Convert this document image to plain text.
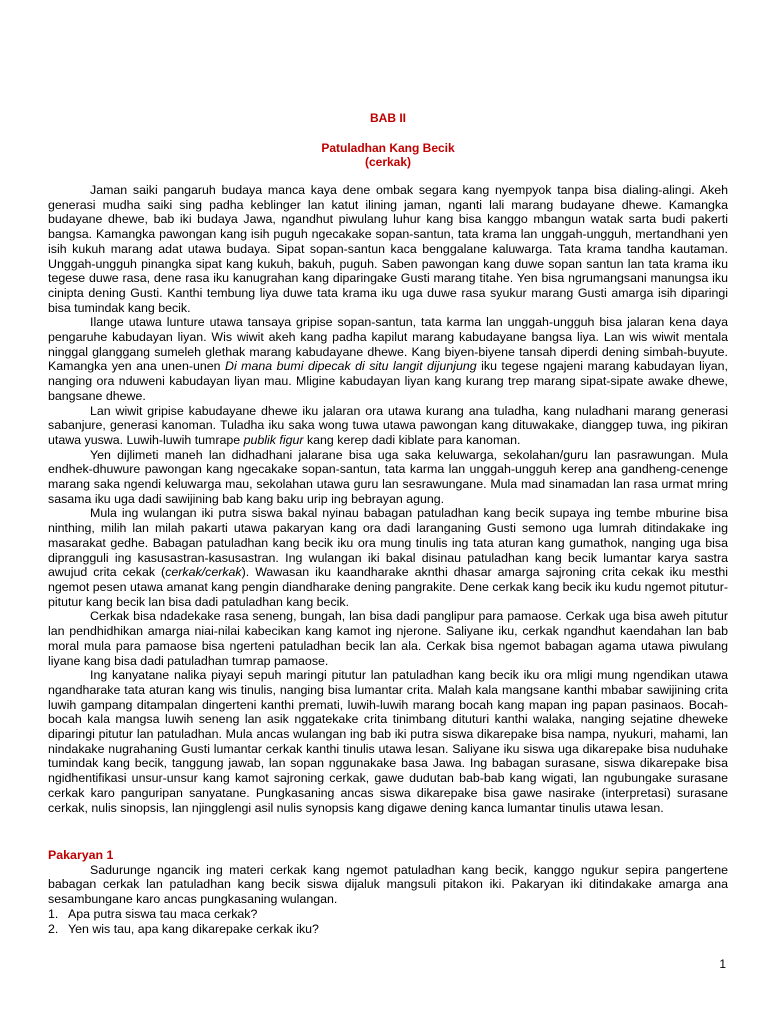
BAB II
Patuladhan Kang Becik
(cerkak)

Jaman saiki pangaruh budaya manca kaya dene ombak segara kang nyempyok tanpa bisa dialing-alingi. Akeh generasi mudha saiki sing padha keblinger lan katut ilining jaman, nganti lali marang budayane dhewe. Kamangka budayane dhewe, bab iki budaya Jawa, ngandhut piwulang luhur kang bisa kanggo mbangun watak sarta budi pakerti bangsa. Kamangka pawongan kang isih puguh ngecakake sopan-santun, tata krama lan unggah-ungguh, mertandhani yen isih kukuh marang adat utawa budaya. Sipat sopan-santun kaca benggalane kaluwarga. Tata krama tandha kautaman. Unggah-ungguh pinangka sipat kang kukuh, bakuh, puguh. Saben pawongan kang duwe sopan santun lan tata krama iku tegese duwe rasa, dene rasa iku kanugrahan kang diparingake Gusti marang titahe. Yen bisa ngrumangsani manungsa iku cinipta dening Gusti. Kanthi tembung liya duwe tata krama iku uga duwe rasa syukur marang Gusti amarga isih diparingi bisa tumindak kang becik.

Ilange utawa lunture utawa tansaya gripise sopan-santun, tata karma lan unggah-ungguh bisa jalaran kena daya pengaruhe kabudayan liyan. Wis wiwit akeh kang padha kapilut marang kabudayane bangsa liya. Lan wis wiwit mentala ninggal glanggang sumeleh glethak marang kabudayane dhewe. Kang biyen-biyene tansah diperdi dening simbah-buyute. Kamangka yen ana unen-unen Di mana bumi dipecak di situ langit dijunjung iku tegese ngajeni marang kabudayan liyan, nanging ora nduweni kabudayan liyan mau. Mligine kabudayan liyan kang kurang trep marang sipat-sipate awake dhewe, bangsane dhewe.

Lan wiwit gripise kabudayane dhewe iku jalaran ora utawa kurang ana tuladha, kang nuladhani marang generasi sabanjure, generasi kanoman. Tuladha iku saka wong tuwa utawa pawongan kang dituwakake, dianggep tuwa, ing pikiran utawa yuswa. Luwih-luwih tumrape publik figur kang kerep dadi kiblate para kanoman.

Yen dijlimeti maneh lan didhadhani jalarane bisa uga saka keluwarga, sekolahan/guru lan pasrawungan. Mula endhek-dhuwure pawongan kang ngecakake sopan-santun, tata karma lan unggah-ungguh kerep ana gandheng-cenenge marang saka ngendi keluwarga mau, sekolahan utawa guru lan sesrawungane. Mula mad sinamadan lan rasa urmat mring sasama iku uga dadi sawijining bab kang baku urip ing bebrayan agung.

Mula ing wulangan iki putra siswa bakal nyinau babagan patuladhan kang becik supaya ing tembe mburine bisa ninthing, milih lan milah pakarti utawa pakaryan kang ora dadi laranganing Gusti semono uga lumrah ditindakake ing masarakat gedhe. Babagan patuladhan kang becik iku ora mung tinulis ing tata aturan kang gumathok, nanging uga bisa diprangguli ing kasusastran-kasusastran. Ing wulangan iki bakal disinau patuladhan kang becik lumantar karya sastra awujud crita cekak (cerkak/cerkak). Wawasan iku kaandharake aknthi dhasar amarga sajroning crita cekak iku mesthi ngemot pesen utawa amanat kang pengin diandharake dening pangrakite. Dene cerkak kang becik iku kudu ngemot pitutur-pitutur kang becik lan bisa dadi patuladhan kang becik.

Cerkak bisa ndadekake rasa seneng, bungah, lan bisa dadi panglipur para pamaose. Cerkak uga bisa aweh pitutur lan pendhidhikan amarga niai-nilai kabecikan kang kamot ing njerone. Saliyane iku, cerkak ngandhut kaendahan lan bab moral mula para pamaose bisa ngerteni patuladhan becik lan ala. Cerkak bisa ngemot babagan agama utawa piwulang liyane kang bisa dadi patuladhan tumrap pamaose.

Ing kanyatane nalika piyayi sepuh maringi pitutur lan patuladhan kang becik iku ora mligi mung ngendikan utawa ngandharake tata aturan kang wis tinulis, nanging bisa lumantar crita. Malah kala mangsane kanthi mbabar sawijining crita luwih gampang ditampalan dingerteni kanthi premati, luwih-luwih marang bocah kang mapan ing papan pasinaos. Bocah-bocah kala mangsa luwih seneng lan asik nggatekake crita tinimbang dituturi kanthi walaka, nanging sejatine dheweke diparingi pitutur lan patuladhan. Mula ancas wulangan ing bab iki putra siswa dikarepake bisa nampa, nyukuri, mahami, lan nindakake nugrahaning Gusti lumantar cerkak kanthi tinulis utawa lesan. Saliyane iku siswa uga dikarepake bisa nuduhake tumindak kang becik, tanggung jawab, lan sopan nggunakake basa Jawa. Ing babagan surasane, siswa dikarepake bisa ngidhentifikasi unsur-unsur kang kamot sajroning cerkak, gawe dudutan bab-bab kang wigati, lan ngubungake surasane cerkak karo panguripan sanyatane. Pungkasaning ancas siswa dikarepake bisa gawe nasirake (interpretasi) surasane cerkak, nulis sinopsis, lan njingglengi asil nulis synopsis kang digawe dening kanca lumantar tinulis utawa lesan.

Pakaryan 1

Sadurunge ngancik ing materi cerkak kang ngemot patuladhan kang becik, kanggo ngukur sepira pangertene babagan cerkak lan patuladhan kang becik siswa dijaluk mangsuli pitakon iki. Pakaryan iki ditindakake amarga ana sesambungane karo ancas pungkasaning wulangan.

1. Apa putra siswa tau maca cerkak?
2. Yen wis tau, apa kang dikarepake cerkak iku?
1
